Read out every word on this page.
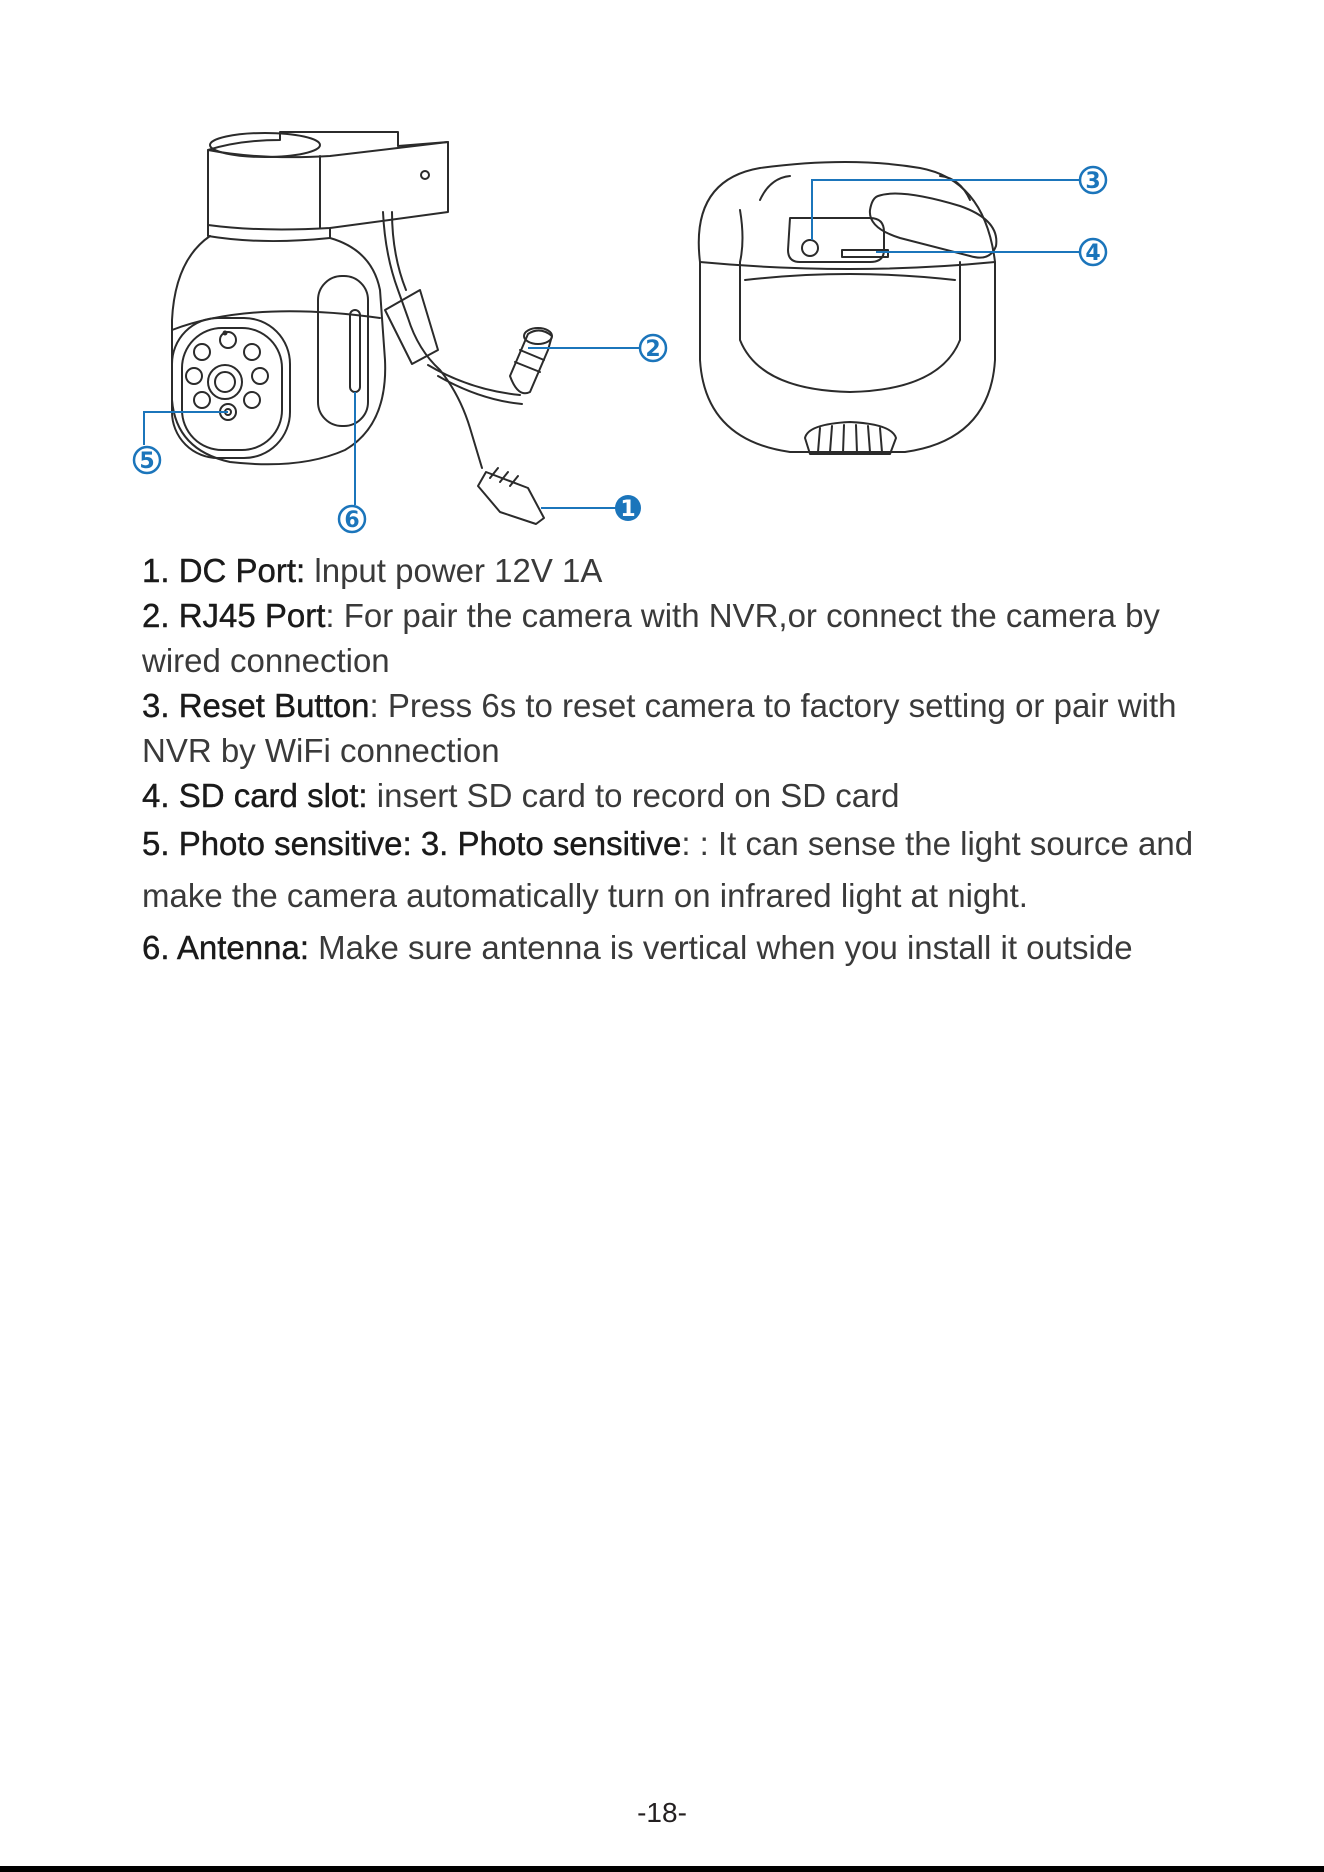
1
2
3
4
5
6

1. DC Port: lnput power 12V 1A

2. RJ45 Port: For pair the camera with NVR,or connect the camera by wired connection

3. Reset Button: Press 6s to reset camera to factory setting or pair with NVR by WiFi connection

4. SD card slot: insert SD card to record on SD card

5. Photo sensitive: 3. Photo sensitive: : It can sense the light source and make the camera automatically turn on infrared light at night.

6. Antenna: Make sure antenna is vertical when you install it outside

-18-
